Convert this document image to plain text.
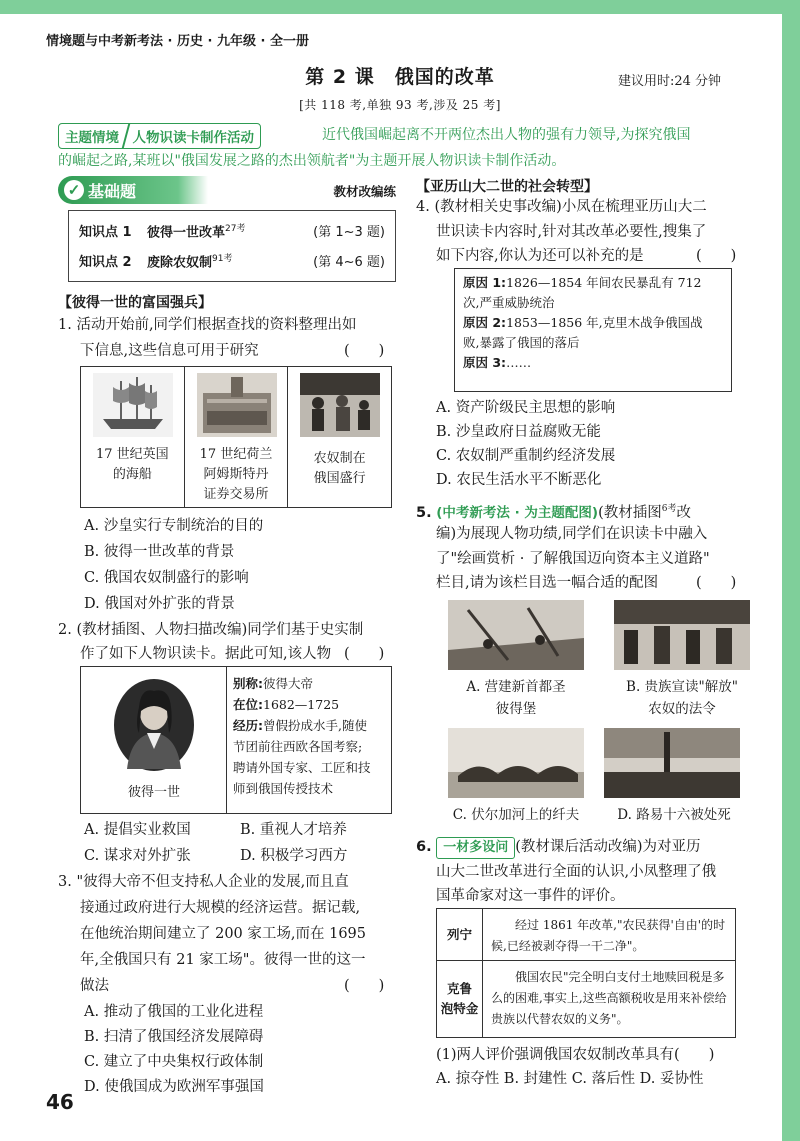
情境题与中考新考法 · 历史 · 九年级 · 全一册
第 2 课　俄国的改革	建议用时:24 分钟
[共 118 考,单独 93 考,涉及 25 考]
主题情境	人物识读卡制作活动	近代俄国崛起离不开两位杰出人物的强有力领导,为探究俄国
的崛起之路,某班以"俄国发展之路的杰出领航者"为主题开展人物识读卡制作活动。
✓ 基础题	教材改编练
知识点 1	彼得一世改革$^{27考}$	(第 1~3 题)
知识点 2	废除农奴制$^{91考}$	(第 4~6 题)
【彼得一世的富国强兵】
1. 活动开始前,同学们根据查找的资料整理出如
下信息,这些信息可用于研究	(　　)
17 世纪英国
的海船
17 世纪荷兰
阿姆斯特丹
证券交易所
农奴制在
俄国盛行
A. 沙皇实行专制统治的目的
B. 彼得一世改革的背景
C. 俄国农奴制盛行的影响
D. 俄国对外扩张的背景
2. (教材插图、人物扫描改编)同学们基于史实制
作了如下人物识读卡。据此可知,该人物 (　　)
彼得一世
别称:彼得大帝
在位:1682—1725
经历:曾假扮成水手,随使
节团前往西欧各国考察;
聘请外国专家、工匠和技
师到俄国传授技术
A. 提倡实业救国	B. 重视人才培养
C. 谋求对外扩张	D. 积极学习西方
3. "彼得大帝不但支持私人企业的发展,而且直
接通过政府进行大规模的经济运营。据记载,
在他统治期间建立了 200 家工场,而在 1695
年,全俄国只有 21 家工场"。彼得一世的这一
做法	(　　)
A. 推动了俄国的工业化进程
B. 扫清了俄国经济发展障碍
C. 建立了中央集权行政体制
D. 使俄国成为欧洲军事强国
【亚历山大二世的社会转型】
4. (教材相关史事改编)小凤在梳理亚历山大二
世识读卡内容时,针对其改革必要性,搜集了
如下内容,你认为还可以补充的是	(　　)
原因 1:1826—1854 年间农民暴乱有 712
次,严重威胁统治
原因 2:1853—1856 年,克里木战争俄国战
败,暴露了俄国的落后
原因 3:……
A. 资产阶级民主思想的影响
B. 沙皇政府日益腐败无能
C. 农奴制严重制约经济发展
D. 农民生活水平不断恶化
5. (中考新考法 · 为主题配图)(教材插图$^{6考}$改
编)为展现人物功绩,同学们在识读卡中融入
了"绘画赏析 · 了解俄国迈向资本主义道路"
栏目,请为该栏目选一幅合适的配图	(　　)
A. 营建新首都圣
彼得堡
B. 贵族宣读"解放"
农奴的法令
C. 伏尔加河上的纤夫	D. 路易十六被处死
6. 一材多设问 (教材课后活动改编)为对亚历
山大二世改革进行全面的认识,小凤整理了俄
国革命家对这一事件的评价。
列宁
经过 1861 年改革,"农民获得'自由'的时候,已经被剥夺得一干二净"。
克鲁
泡特金
俄国农民"完全明白支付土地赎回税是多么的困难,事实上,这些高额税收是用来补偿给贵族以代替农奴的义务"。
(1)两人评价强调俄国农奴制改革具有(　　)
A. 掠夺性 B. 封建性 C. 落后性 D. 妥协性
46
